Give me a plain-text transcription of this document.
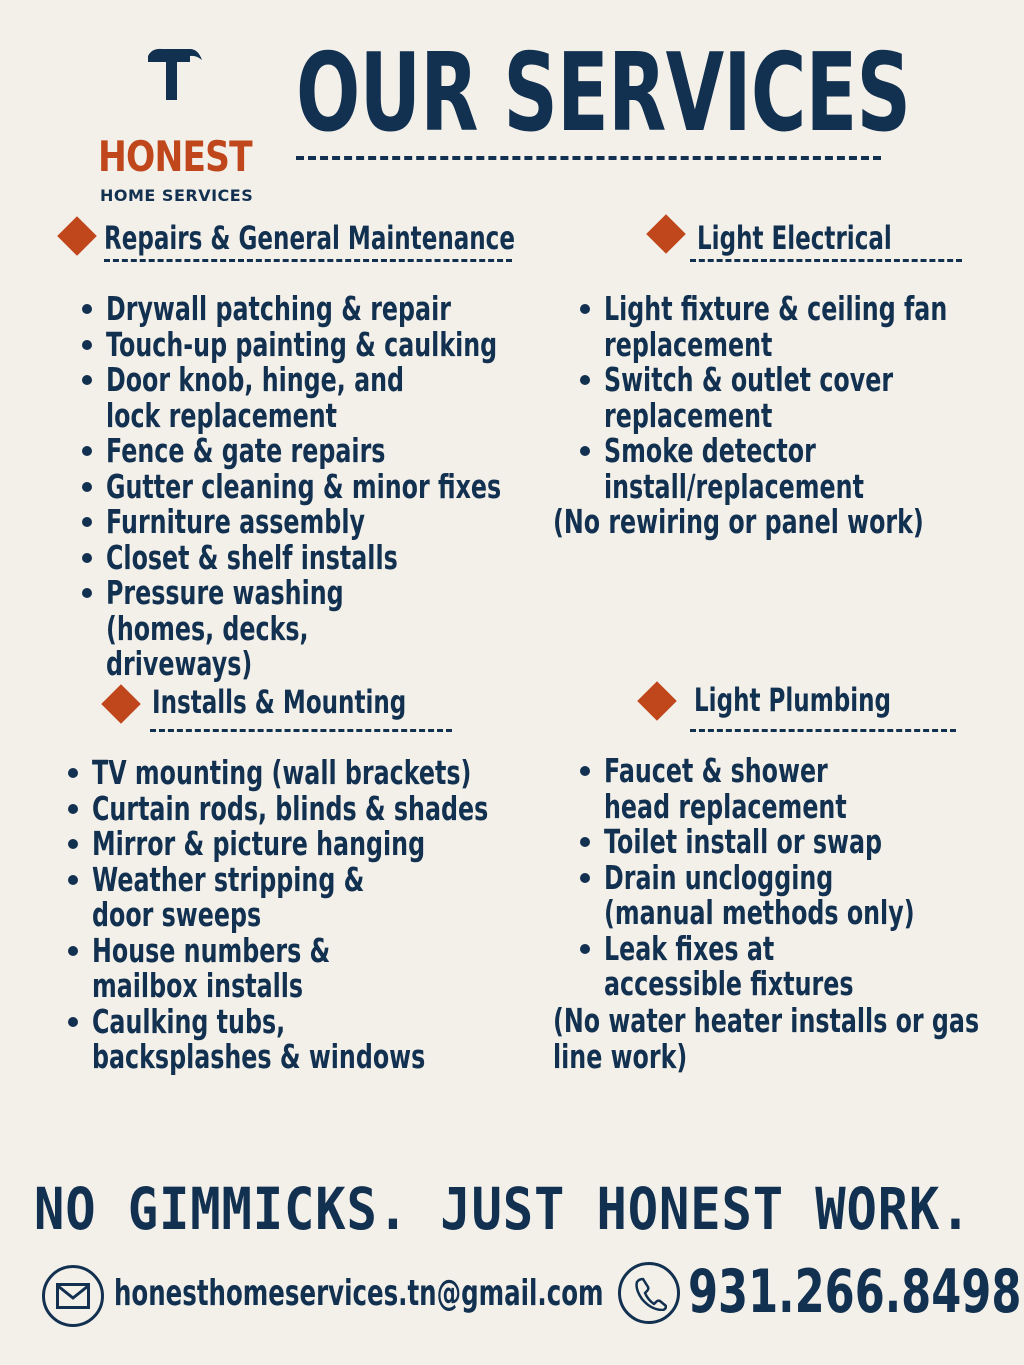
HONEST
HOME SERVICES
OUR SERVICES
Repairs & General Maintenance
Drywall patching & repair
Touch-up painting & caulking
Door knob, hinge, and lock replacement
Fence & gate repairs
Gutter cleaning & minor fixes
Furniture assembly
Closet & shelf installs
Pressure washing (homes, decks, driveways)
Light Electrical
Light fixture & ceiling fan replacement
Switch & outlet cover replacement
Smoke detector install/replacement
(No rewiring or panel work)
Installs & Mounting
TV mounting (wall brackets)
Curtain rods, blinds & shades
Mirror & picture hanging
Weather stripping & door sweeps
House numbers & mailbox installs
Caulking tubs, backsplashes & windows
Light Plumbing
Faucet & shower head replacement
Toilet install or swap
Drain unclogging (manual methods only)
Leak fixes at accessible fixtures
(No water heater installs or gas line work)
NO GIMMICKS. JUST HONEST WORK.
honesthomeservices.tn@gmail.com 931.266.8498
